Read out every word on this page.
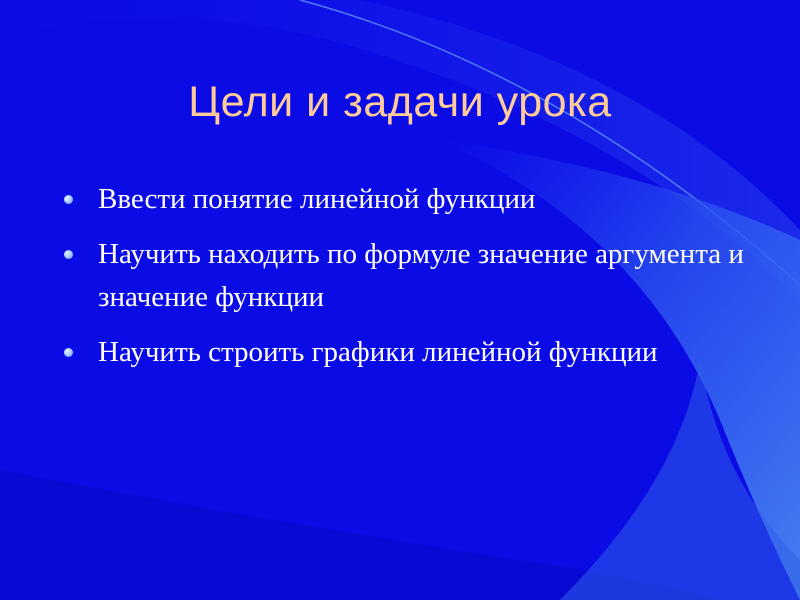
Цели и задачи урока
Ввести понятие линейной функции
Научить находить по формуле значение аргумента и значение функции
Научить строить графики линейной функции
